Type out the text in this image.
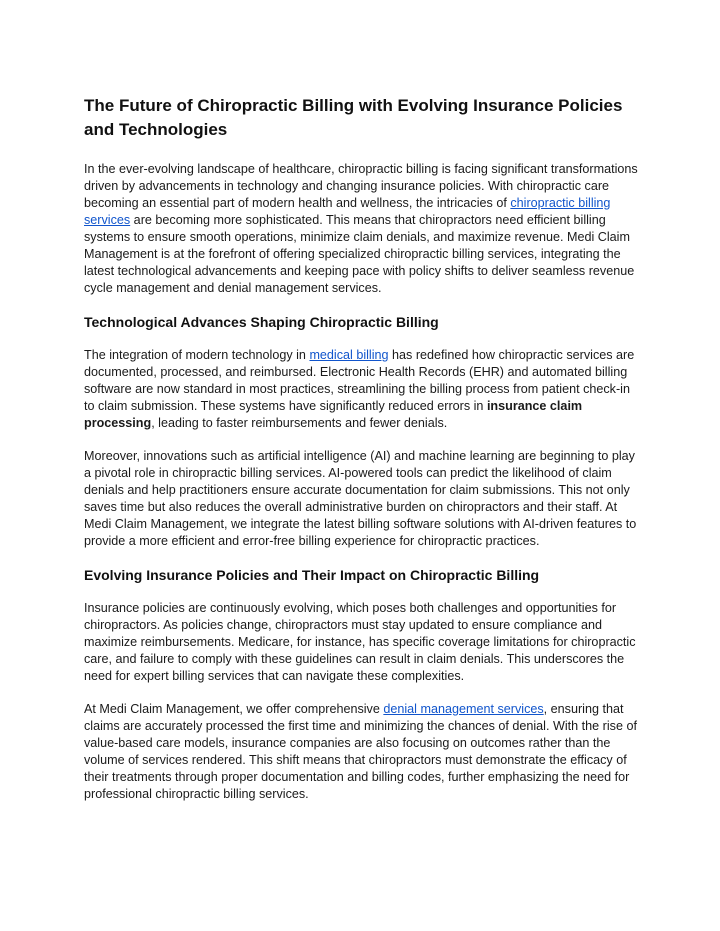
The Future of Chiropractic Billing with Evolving Insurance Policies and Technologies

In the ever-evolving landscape of healthcare, chiropractic billing is facing significant transformations driven by advancements in technology and changing insurance policies. With chiropractic care becoming an essential part of modern health and wellness, the intricacies of chiropractic billing services are becoming more sophisticated. This means that chiropractors need efficient billing systems to ensure smooth operations, minimize claim denials, and maximize revenue. Medi Claim Management is at the forefront of offering specialized chiropractic billing services, integrating the latest technological advancements and keeping pace with policy shifts to deliver seamless revenue cycle management and denial management services.

Technological Advances Shaping Chiropractic Billing

The integration of modern technology in medical billing has redefined how chiropractic services are documented, processed, and reimbursed. Electronic Health Records (EHR) and automated billing software are now standard in most practices, streamlining the billing process from patient check-in to claim submission. These systems have significantly reduced errors in insurance claim processing, leading to faster reimbursements and fewer denials.

Moreover, innovations such as artificial intelligence (AI) and machine learning are beginning to play a pivotal role in chiropractic billing services. AI-powered tools can predict the likelihood of claim denials and help practitioners ensure accurate documentation for claim submissions. This not only saves time but also reduces the overall administrative burden on chiropractors and their staff. At Medi Claim Management, we integrate the latest billing software solutions with AI-driven features to provide a more efficient and error-free billing experience for chiropractic practices.

Evolving Insurance Policies and Their Impact on Chiropractic Billing

Insurance policies are continuously evolving, which poses both challenges and opportunities for chiropractors. As policies change, chiropractors must stay updated to ensure compliance and maximize reimbursements. Medicare, for instance, has specific coverage limitations for chiropractic care, and failure to comply with these guidelines can result in claim denials. This underscores the need for expert billing services that can navigate these complexities.

At Medi Claim Management, we offer comprehensive denial management services, ensuring that claims are accurately processed the first time and minimizing the chances of denial. With the rise of value-based care models, insurance companies are also focusing on outcomes rather than the volume of services rendered. This shift means that chiropractors must demonstrate the efficacy of their treatments through proper documentation and billing codes, further emphasizing the need for professional chiropractic billing services.
